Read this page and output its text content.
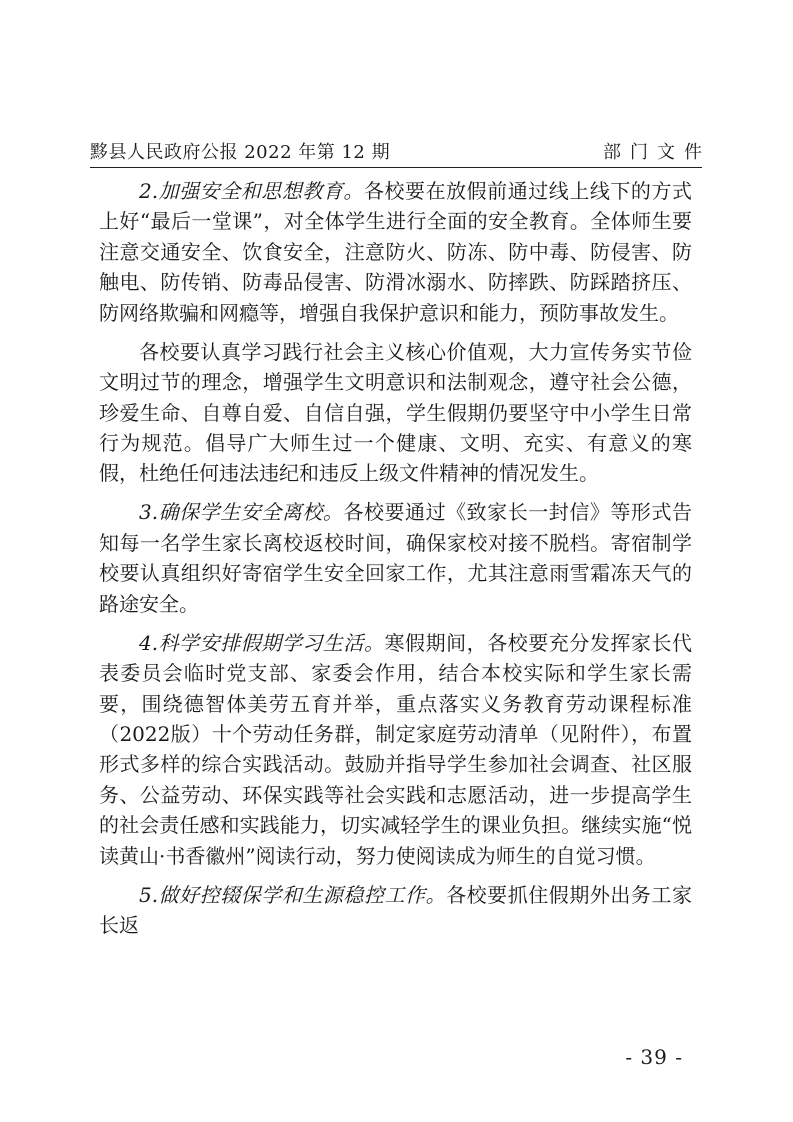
黟县人民政府公报 2022 年第 12 期	部门文件

2.加强安全和思想教育。各校要在放假前通过线上线下的方式上好“最后一堂课”，对全体学生进行全面的安全教育。全体师生要注意交通安全、饮食安全，注意防火、防冻、防中毒、防侵害、防触电、防传销、防毒品侵害、防滑冰溺水、防摔跌、防踩踏挤压、防网络欺骗和网瘾等，增强自我保护意识和能力，预防事故发生。

各校要认真学习践行社会主义核心价值观，大力宣传务实节俭文明过节的理念，增强学生文明意识和法制观念，遵守社会公德，珍爱生命、自尊自爱、自信自强，学生假期仍要坚守中小学生日常行为规范。倡导广大师生过一个健康、文明、充实、有意义的寒假，杜绝任何违法违纪和违反上级文件精神的情况发生。

3.确保学生安全离校。各校要通过《致家长一封信》等形式告知每一名学生家长离校返校时间，确保家校对接不脱档。寄宿制学校要认真组织好寄宿学生安全回家工作，尤其注意雨雪霜冻天气的路途安全。

4.科学安排假期学习生活。寒假期间，各校要充分发挥家长代表委员会临时党支部、家委会作用，结合本校实际和学生家长需要，围绕德智体美劳五育并举，重点落实义务教育劳动课程标准（2022版）十个劳动任务群，制定家庭劳动清单（见附件），布置形式多样的综合实践活动。鼓励并指导学生参加社会调查、社区服务、公益劳动、环保实践等社会实践和志愿活动，进一步提高学生的社会责任感和实践能力，切实减轻学生的课业负担。继续实施“悦读黄山·书香徽州”阅读行动，努力使阅读成为师生的自觉习惯。

5.做好控辍保学和生源稳控工作。各校要抓住假期外出务工家长返

- 39 -
